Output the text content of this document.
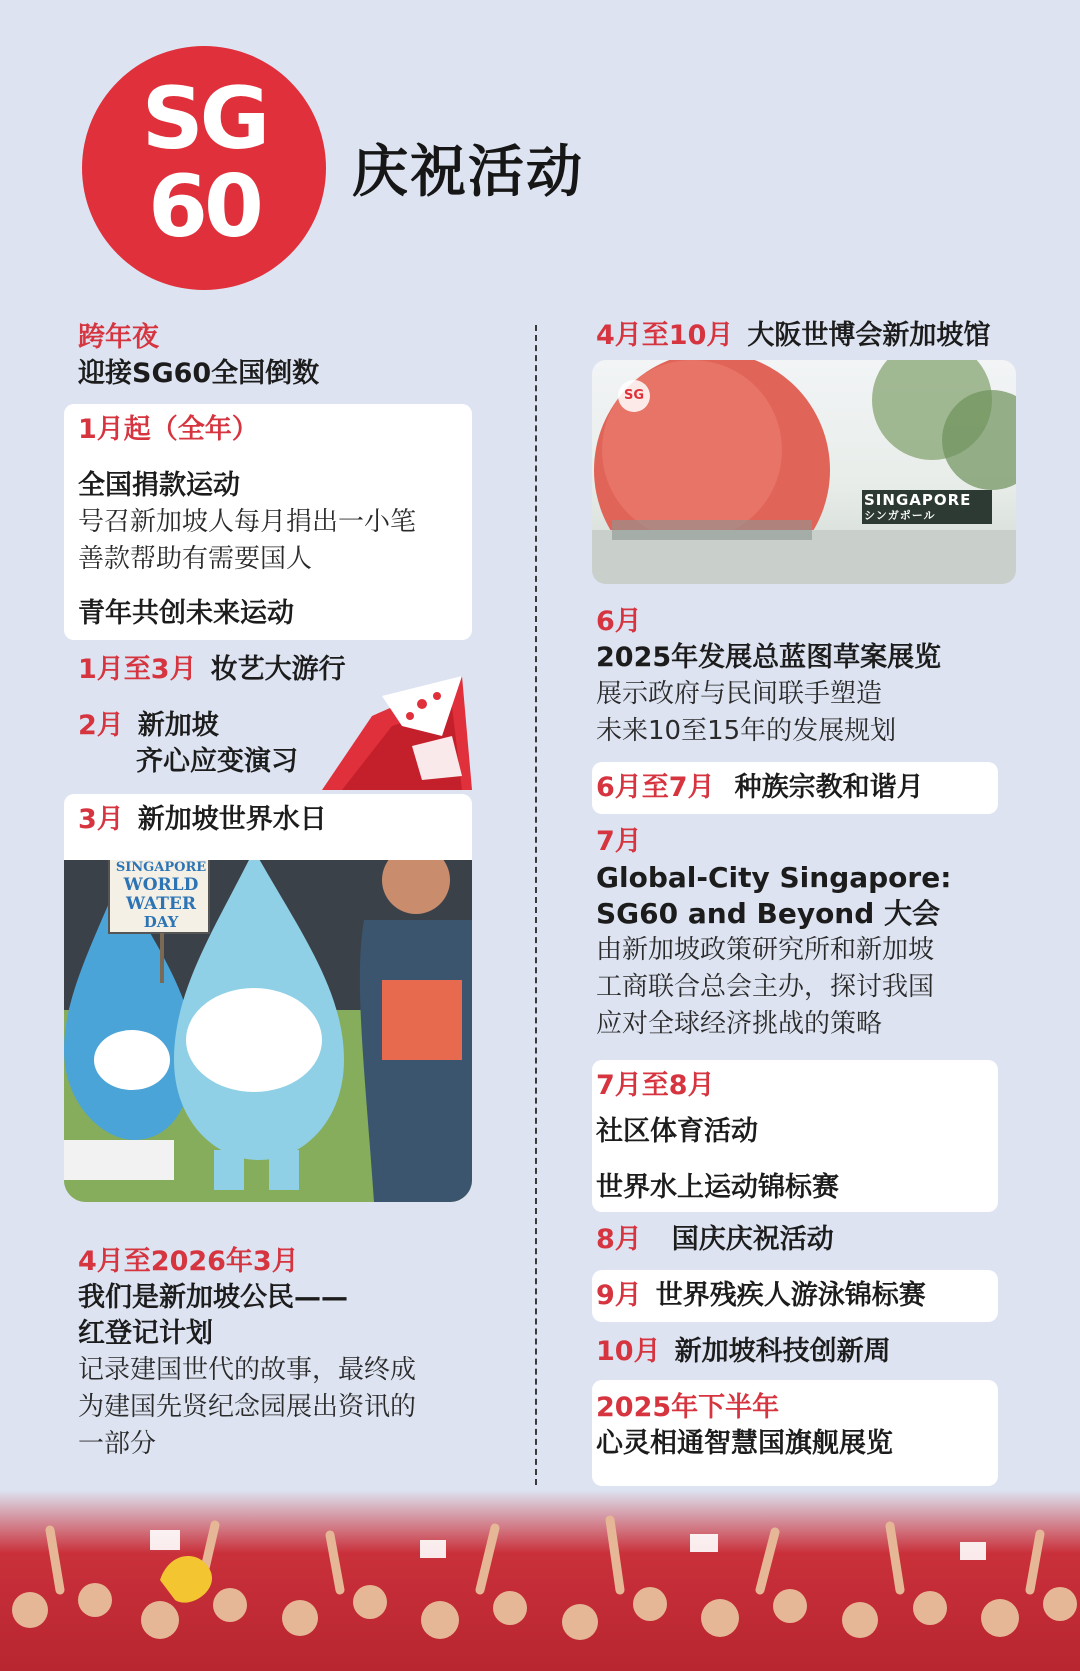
SG
60	庆祝活动
跨年夜
迎接SG60全国倒数
1月起（全年）
全国捐款运动
号召新加坡人每月捐出一小笔
善款帮助有需要国人
青年共创未来运动
1月至3月 妆艺大游行
2月 新加坡
齐心应变演习
3月 新加坡世界水日
SINGAPORE
WORLD
WATER
DAY
4月至2026年3月
我们是新加坡公民——
红登记计划
记录建国世代的故事，最终成
为建国先贤纪念园展出资讯的
一部分
4月至10月 大阪世博会新加坡馆
SG
SINGAPORE
シンガポール
6月
2025年发展总蓝图草案展览
展示政府与民间联手塑造
未来10至15年的发展规划
6月至7月 种族宗教和谐月
7月
Global-City Singapore:
SG60 and Beyond 大会
由新加坡政策研究所和新加坡
工商联合总会主办，探讨我国
应对全球经济挑战的策略
7月至8月
社区体育活动
世界水上运动锦标赛
8月 国庆庆祝活动
9月 世界残疾人游泳锦标赛
10月 新加坡科技创新周
2025年下半年
心灵相通智慧国旗舰展览
